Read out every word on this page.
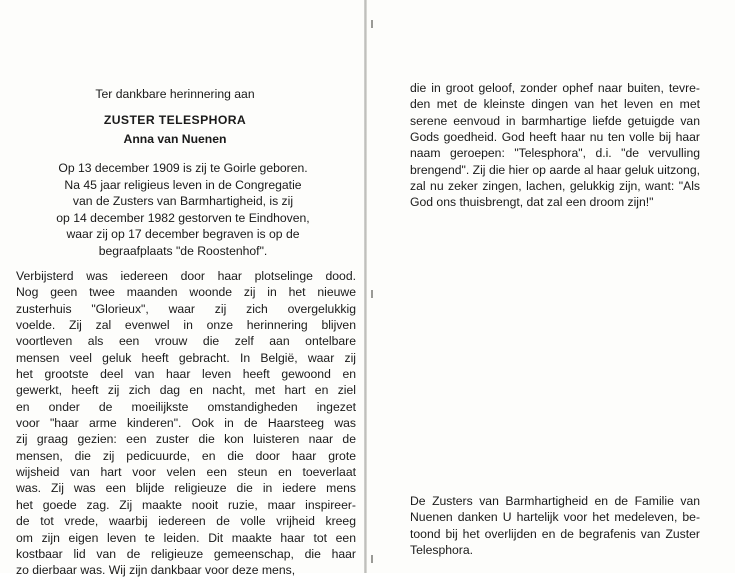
Ter dankbare herinnering aan
ZUSTER TELESPHORA
Anna van Nuenen
Op 13 december 1909 is zij te Goirle geboren.
Na 45 jaar religieus leven in de Congregatie
van de Zusters van Barmhartigheid, is zij
op 14 december 1982 gestorven te Eindhoven,
waar zij op 17 december begraven is op de
begraafplaats "de Roostenhof".
Verbijsterd was iedereen door haar plotselinge dood.
Nog geen twee maanden woonde zij in het nieuwe
zusterhuis "Glorieux", waar zij zich overgelukkig
voelde. Zij zal evenwel in onze herinnering blijven
voortleven als een vrouw die zelf aan ontelbare
mensen veel geluk heeft gebracht. In België, waar zij
het grootste deel van haar leven heeft gewoond en
gewerkt, heeft zij zich dag en nacht, met hart en ziel
en onder de moeilijkste omstandigheden ingezet
voor "haar arme kinderen". Ook in de Haarsteeg was
zij graag gezien: een zuster die kon luisteren naar de
mensen, die zij pedicuurde, en die door haar grote
wijsheid van hart voor velen een steun en toeverlaat
was. Zij was een blijde religieuze die in iedere mens
het goede zag. Zij maakte nooit ruzie, maar inspireer-
de tot vrede, waarbij iedereen de volle vrijheid kreeg
om zijn eigen leven te leiden. Dit maakte haar tot een
kostbaar lid van de religieuze gemeenschap, die haar
zo dierbaar was. Wij zijn dankbaar voor deze mens,
die in groot geloof, zonder ophef naar buiten, tevre-
den met de kleinste dingen van het leven en met
serene eenvoud in barmhartige liefde getuigde van
Gods goedheid. God heeft haar nu ten volle bij haar
naam geroepen: "Telesphora", d.i. "de vervulling
brengend". Zij die hier op aarde al haar geluk uitzong,
zal nu zeker zingen, lachen, gelukkig zijn, want: "Als
God ons thuisbrengt, dat zal een droom zijn!"
De Zusters van Barmhartigheid en de Familie van
Nuenen danken U hartelijk voor het medeleven, be-
toond bij het overlijden en de begrafenis van Zuster
Telesphora.
